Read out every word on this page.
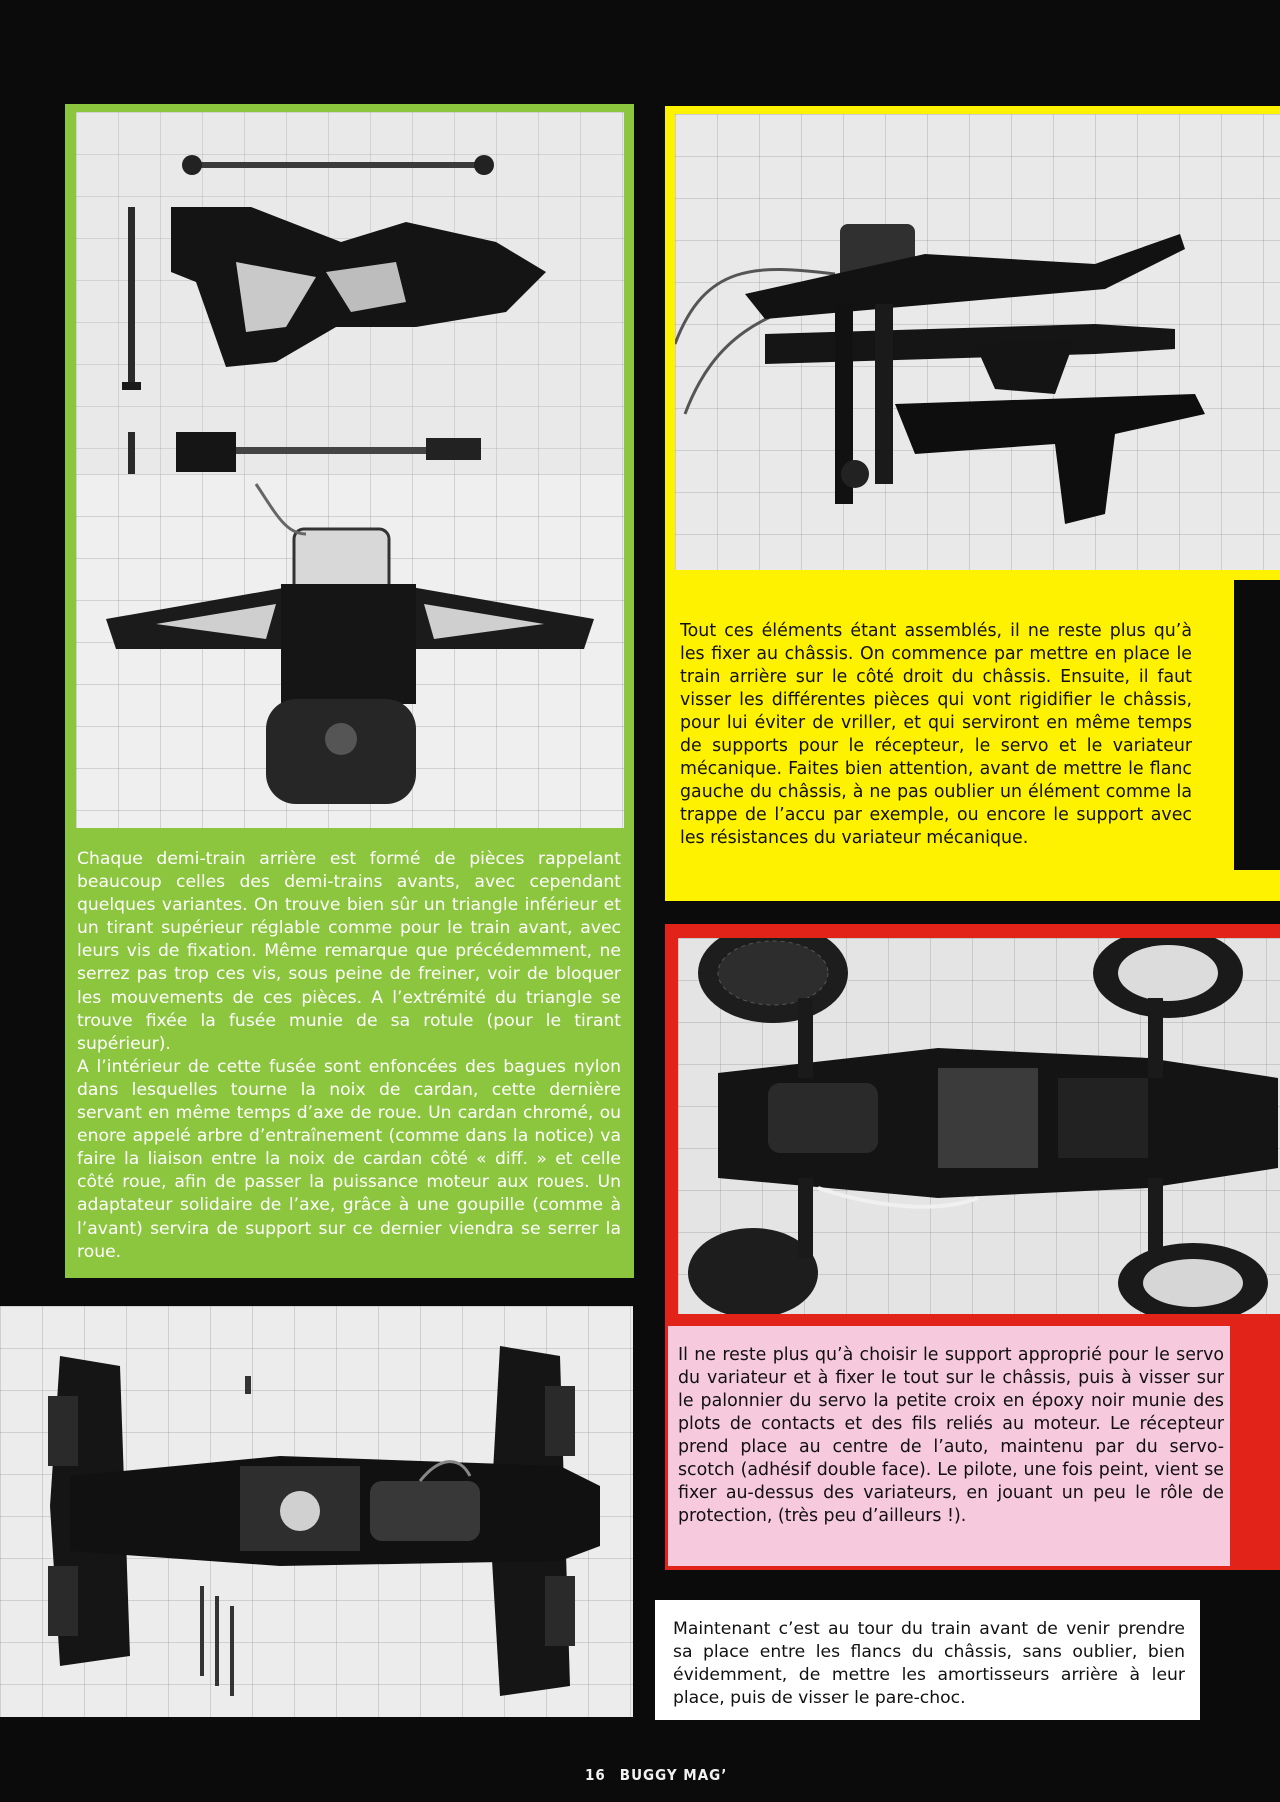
Chaque demi-train arrière est formé de pièces rappelant beaucoup celles des demi-trains avants, avec cependant quelques variantes. On trouve bien sûr un triangle inférieur et un tirant supérieur réglable comme pour le train avant, avec leurs vis de fixation. Même remarque que précédemment, ne serrez pas trop ces vis, sous peine de freiner, voir de bloquer les mouvements de ces pièces. A l’extrémité du triangle se trouve fixée la fusée munie de sa rotule (pour le tirant supérieur).
A l’intérieur de cette fusée sont enfoncées des bagues nylon dans lesquelles tourne la noix de cardan, cette dernière servant en même temps d’axe de roue. Un cardan chromé, ou enore appelé arbre d’entraînement (comme dans la notice) va faire la liaison entre la noix de cardan côté « diff. » et celle côté roue, afin de passer la puissance moteur aux roues. Un adaptateur solidaire de l’axe, grâce à une goupille (comme à l’avant) servira de support sur ce dernier viendra se serrer la roue.
Tout ces éléments étant assemblés, il ne reste plus qu’à les fixer au châssis. On commence par mettre en place le train arrière sur le côté droit du châssis. Ensuite, il faut visser les différentes pièces qui vont rigidifier le châssis, pour lui éviter de vriller, et qui serviront en même temps de supports pour le récepteur, le servo et le variateur mécanique. Faites bien attention, avant de mettre le flanc gauche du châssis, à ne pas oublier un élément comme la trappe de l’accu par exemple, ou encore le support avec les résistances du variateur mécanique.
Il ne reste plus qu’à choisir le support approprié pour le servo du variateur et à fixer le tout sur le châssis, puis à visser sur le palonnier du servo la petite croix en époxy noir munie des plots de contacts et des fils reliés au moteur. Le récepteur prend place au centre de l’auto, maintenu par du servo-scotch (adhésif double face). Le pilote, une fois peint, vient se fixer au-dessus des variateurs, en jouant un peu le rôle de protection, (très peu d’ailleurs !).
Maintenant c’est au tour du train avant de venir prendre sa place entre les flancs du châssis, sans oublier, bien évidemment, de mettre les amortisseurs arrière à leur place, puis de visser le pare-choc.
16 BUGGY MAG’
